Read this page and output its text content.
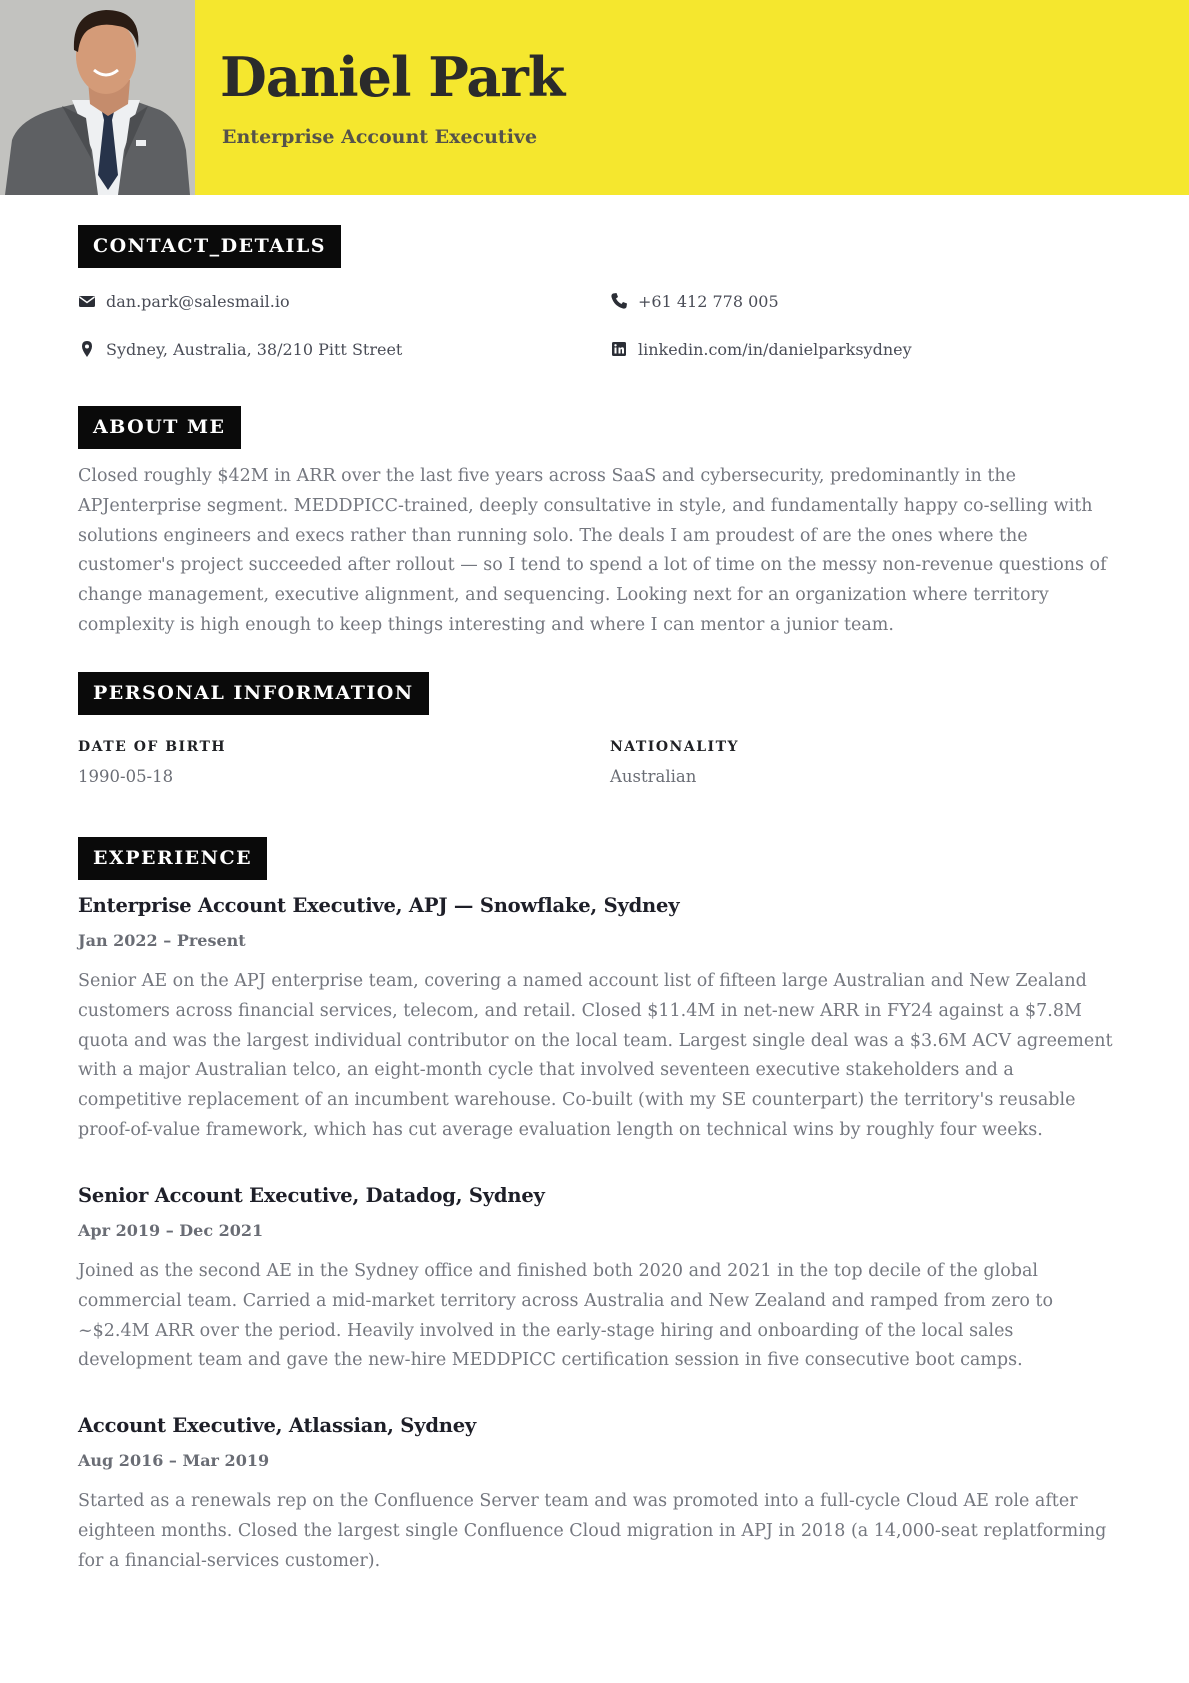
Daniel Park
Enterprise Account Executive
CONTACT_DETAILS
dan.park@salesmail.io	+61 412 778 005
Sydney, Australia, 38/210 Pitt Street	linkedin.com/in/danielparksydney
ABOUT ME

Closed roughly $42M in ARR over the last five years across SaaS and cybersecurity, predominantly in the APJenterprise segment. MEDDPICC-trained, deeply consultative in style, and fundamentally happy co-selling with solutions engineers and execs rather than running solo. The deals I am proudest of are the ones where the customer's project succeeded after rollout — so I tend to spend a lot of time on the messy non-revenue questions of change management, executive alignment, and sequencing. Looking next for an organization where territory complexity is high enough to keep things interesting and where I can mentor a junior team.

PERSONAL INFORMATION
DATE OF BIRTH
1990-05-18
NATIONALITY
Australian
EXPERIENCE
Enterprise Account Executive, APJ — Snowflake, Sydney
Jan 2022 – Present

Senior AE on the APJ enterprise team, covering a named account list of fifteen large Australian and New Zealand customers across financial services, telecom, and retail. Closed $11.4M in net-new ARR in FY24 against a $7.8M quota and was the largest individual contributor on the local team. Largest single deal was a $3.6M ACV agreement with a major Australian telco, an eight-month cycle that involved seventeen executive stakeholders and a competitive replacement of an incumbent warehouse. Co-built (with my SE counterpart) the territory's reusable proof-of-value framework, which has cut average evaluation length on technical wins by roughly four weeks.

Senior Account Executive, Datadog, Sydney
Apr 2019 – Dec 2021

Joined as the second AE in the Sydney office and finished both 2020 and 2021 in the top decile of the global commercial team. Carried a mid-market territory across Australia and New Zealand and ramped from zero to ~$2.4M ARR over the period. Heavily involved in the early-stage hiring and onboarding of the local sales development team and gave the new-hire MEDDPICC certification session in five consecutive boot camps.

Account Executive, Atlassian, Sydney
Aug 2016 – Mar 2019

Started as a renewals rep on the Confluence Server team and was promoted into a full-cycle Cloud AE role after eighteen months. Closed the largest single Confluence Cloud migration in APJ in 2018 (a 14,000-seat replatforming for a financial-services customer).
